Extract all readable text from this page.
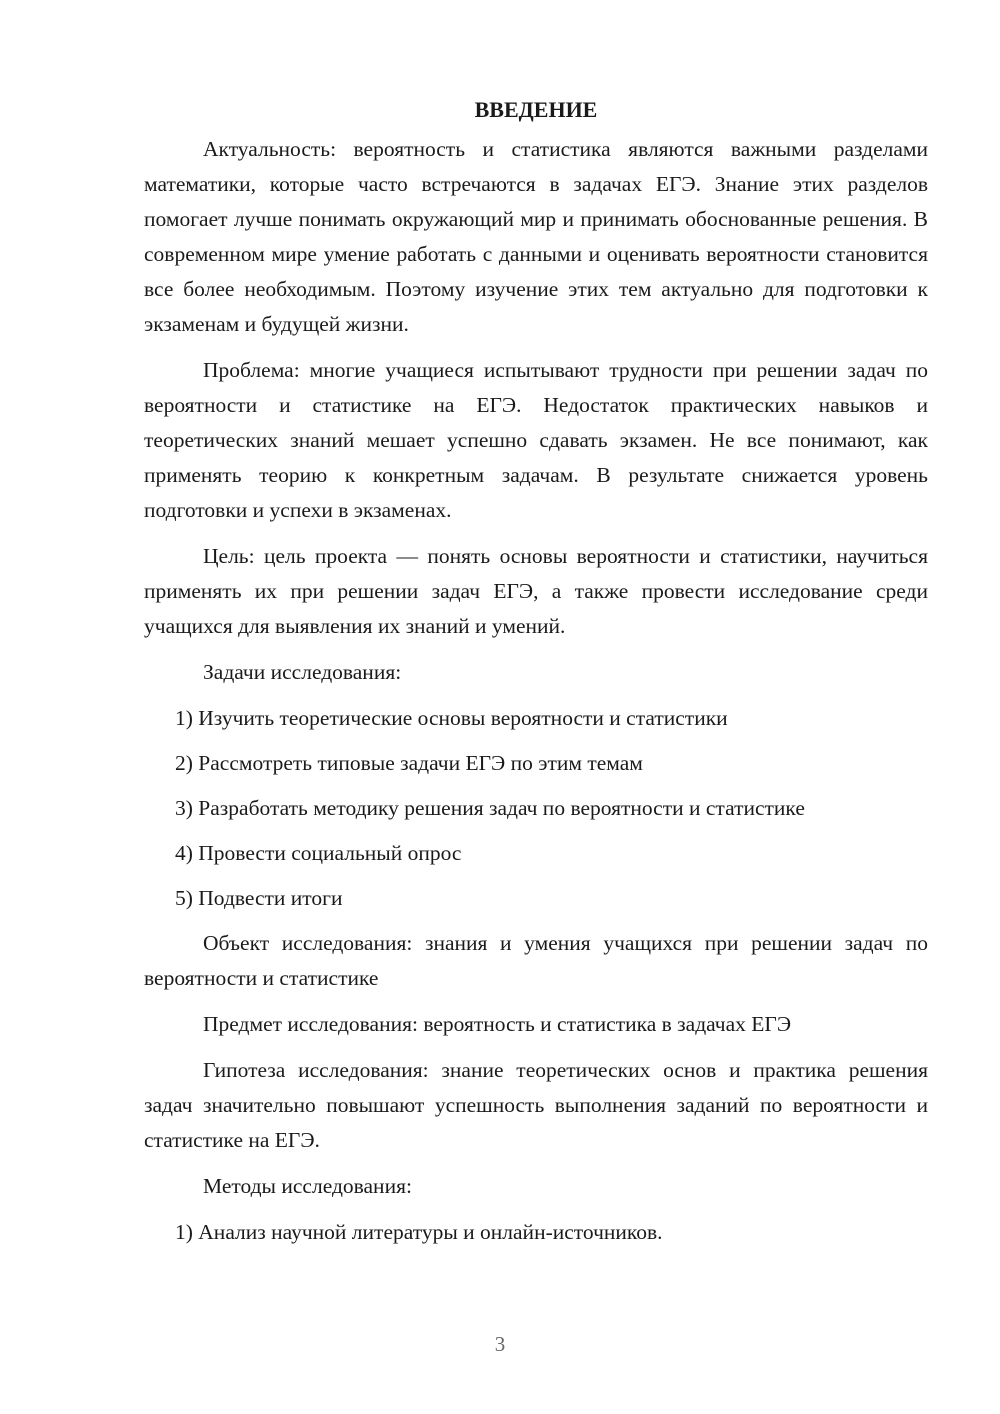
ВВЕДЕНИЕ

Актуальность: вероятность и статистика являются важными разделами математики, которые часто встречаются в задачах ЕГЭ. Знание этих разделов помогает лучше понимать окружающий мир и принимать обоснованные решения. В современном мире умение работать с данными и оценивать вероятности становится все более необходимым. Поэтому изучение этих тем актуально для подготовки к экзаменам и будущей жизни.

Проблема: многие учащиеся испытывают трудности при решении задач по вероятности и статистике на ЕГЭ. Недостаток практических навыков и теоретических знаний мешает успешно сдавать экзамен. Не все понимают, как применять теорию к конкретным задачам. В результате снижается уровень подготовки и успехи в экзаменах.

Цель: цель проекта — понять основы вероятности и статистики, научиться применять их при решении задач ЕГЭ, а также провести исследование среди учащихся для выявления их знаний и умений.

Задачи исследования:
1) Изучить теоретические основы вероятности и статистики
2) Рассмотреть типовые задачи ЕГЭ по этим темам
3) Разработать методику решения задач по вероятности и статистике
4) Провести социальный опрос
5) Подвести итоги

Объект исследования: знания и умения учащихся при решении задач по вероятности и статистике

Предмет исследования: вероятность и статистика в задачах ЕГЭ

Гипотеза исследования: знание теоретических основ и практика решения задач значительно повышают успешность выполнения заданий по вероятности и статистике на ЕГЭ.

Методы исследования:
1) Анализ научной литературы и онлайн-источников.
3
